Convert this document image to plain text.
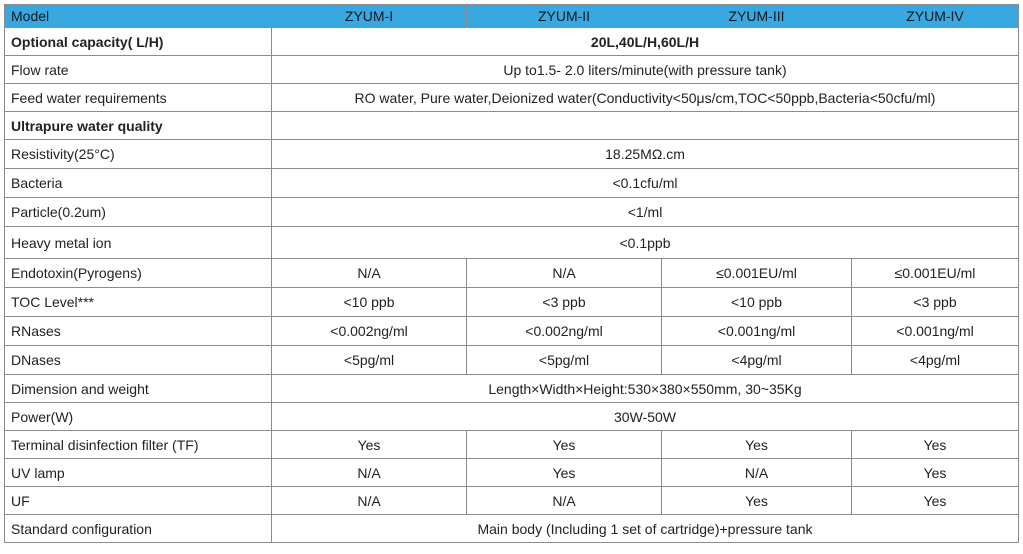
Model	ZYUM-I	ZYUM-II	ZYUM-III	ZYUM-IV
Optional capacity( L/H)	20L,40L/H,60L/H			
Flow rate	Up to1.5- 2.0 liters/minute(with pressure tank)			
Feed water requirements	RO water, Pure water,Deionized water(Conductivity<50μs/cm,TOC<50ppb,Bacteria<50cfu/ml)			
Ultrapure water quality				
Resistivity(25°C)	18.25MΩ.cm			
Bacteria	<0.1cfu/ml			
Particle(0.2um)	<1/ml			
Heavy metal ion	<0.1ppb			
Endotoxin(Pyrogens)	N/A	N/A	≤0.001EU/ml	≤0.001EU/ml
TOC Level***	<10 ppb	<3 ppb	<10 ppb	<3 ppb
RNases	<0.002ng/ml	<0.002ng/ml	<0.001ng/ml	<0.001ng/ml
DNases	<5pg/ml	<5pg/ml	<4pg/ml	<4pg/ml
Dimension and weight	Length×Width×Height:530×380×550mm, 30~35Kg			
Power(W)	30W-50W			
Terminal disinfection filter (TF)	Yes	Yes	Yes	Yes
UV lamp	N/A	Yes	N/A	Yes
UF	N/A	N/A	Yes	Yes
Standard configuration	Main body (Including 1 set of cartridge)+pressure tank			
